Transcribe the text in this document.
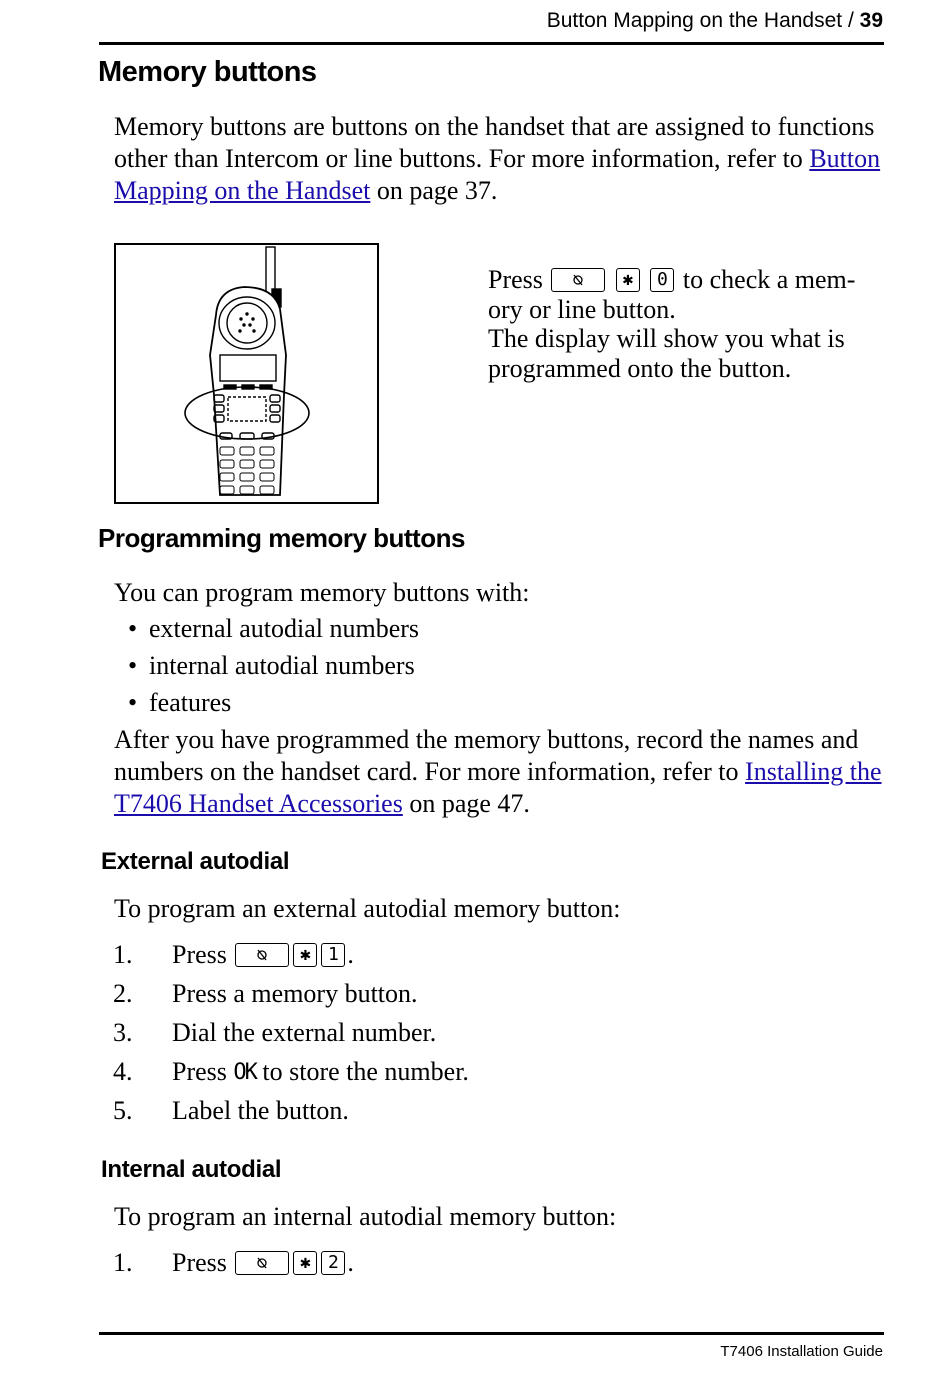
Button Mapping on the Handset / 39
Memory buttons
Memory buttons are buttons on the handset that are assigned to functions other than Intercom or line buttons. For more information, refer to Button Mapping on the Handset on page 37.
Press	✱ 0 to check a mem-ory or line button.
The display will show you what is programmed onto the button.
Programming memory buttons
You can program memory buttons with:
• external autodial numbers
• internal autodial numbers
• features
After you have programmed the memory buttons, record the names and numbers on the handset card. For more information, refer to Installing the T7406 Handset Accessories on page 47.
External autodial
To program an external autodial memory button:
1. Press	✱ 1 .
2. Press a memory button.
3. Dial the external number.
4. Press OK to store the number.
5. Label the button.
Internal autodial
To program an internal autodial memory button:
1. Press	✱ 2 .
T7406 Installation Guide
